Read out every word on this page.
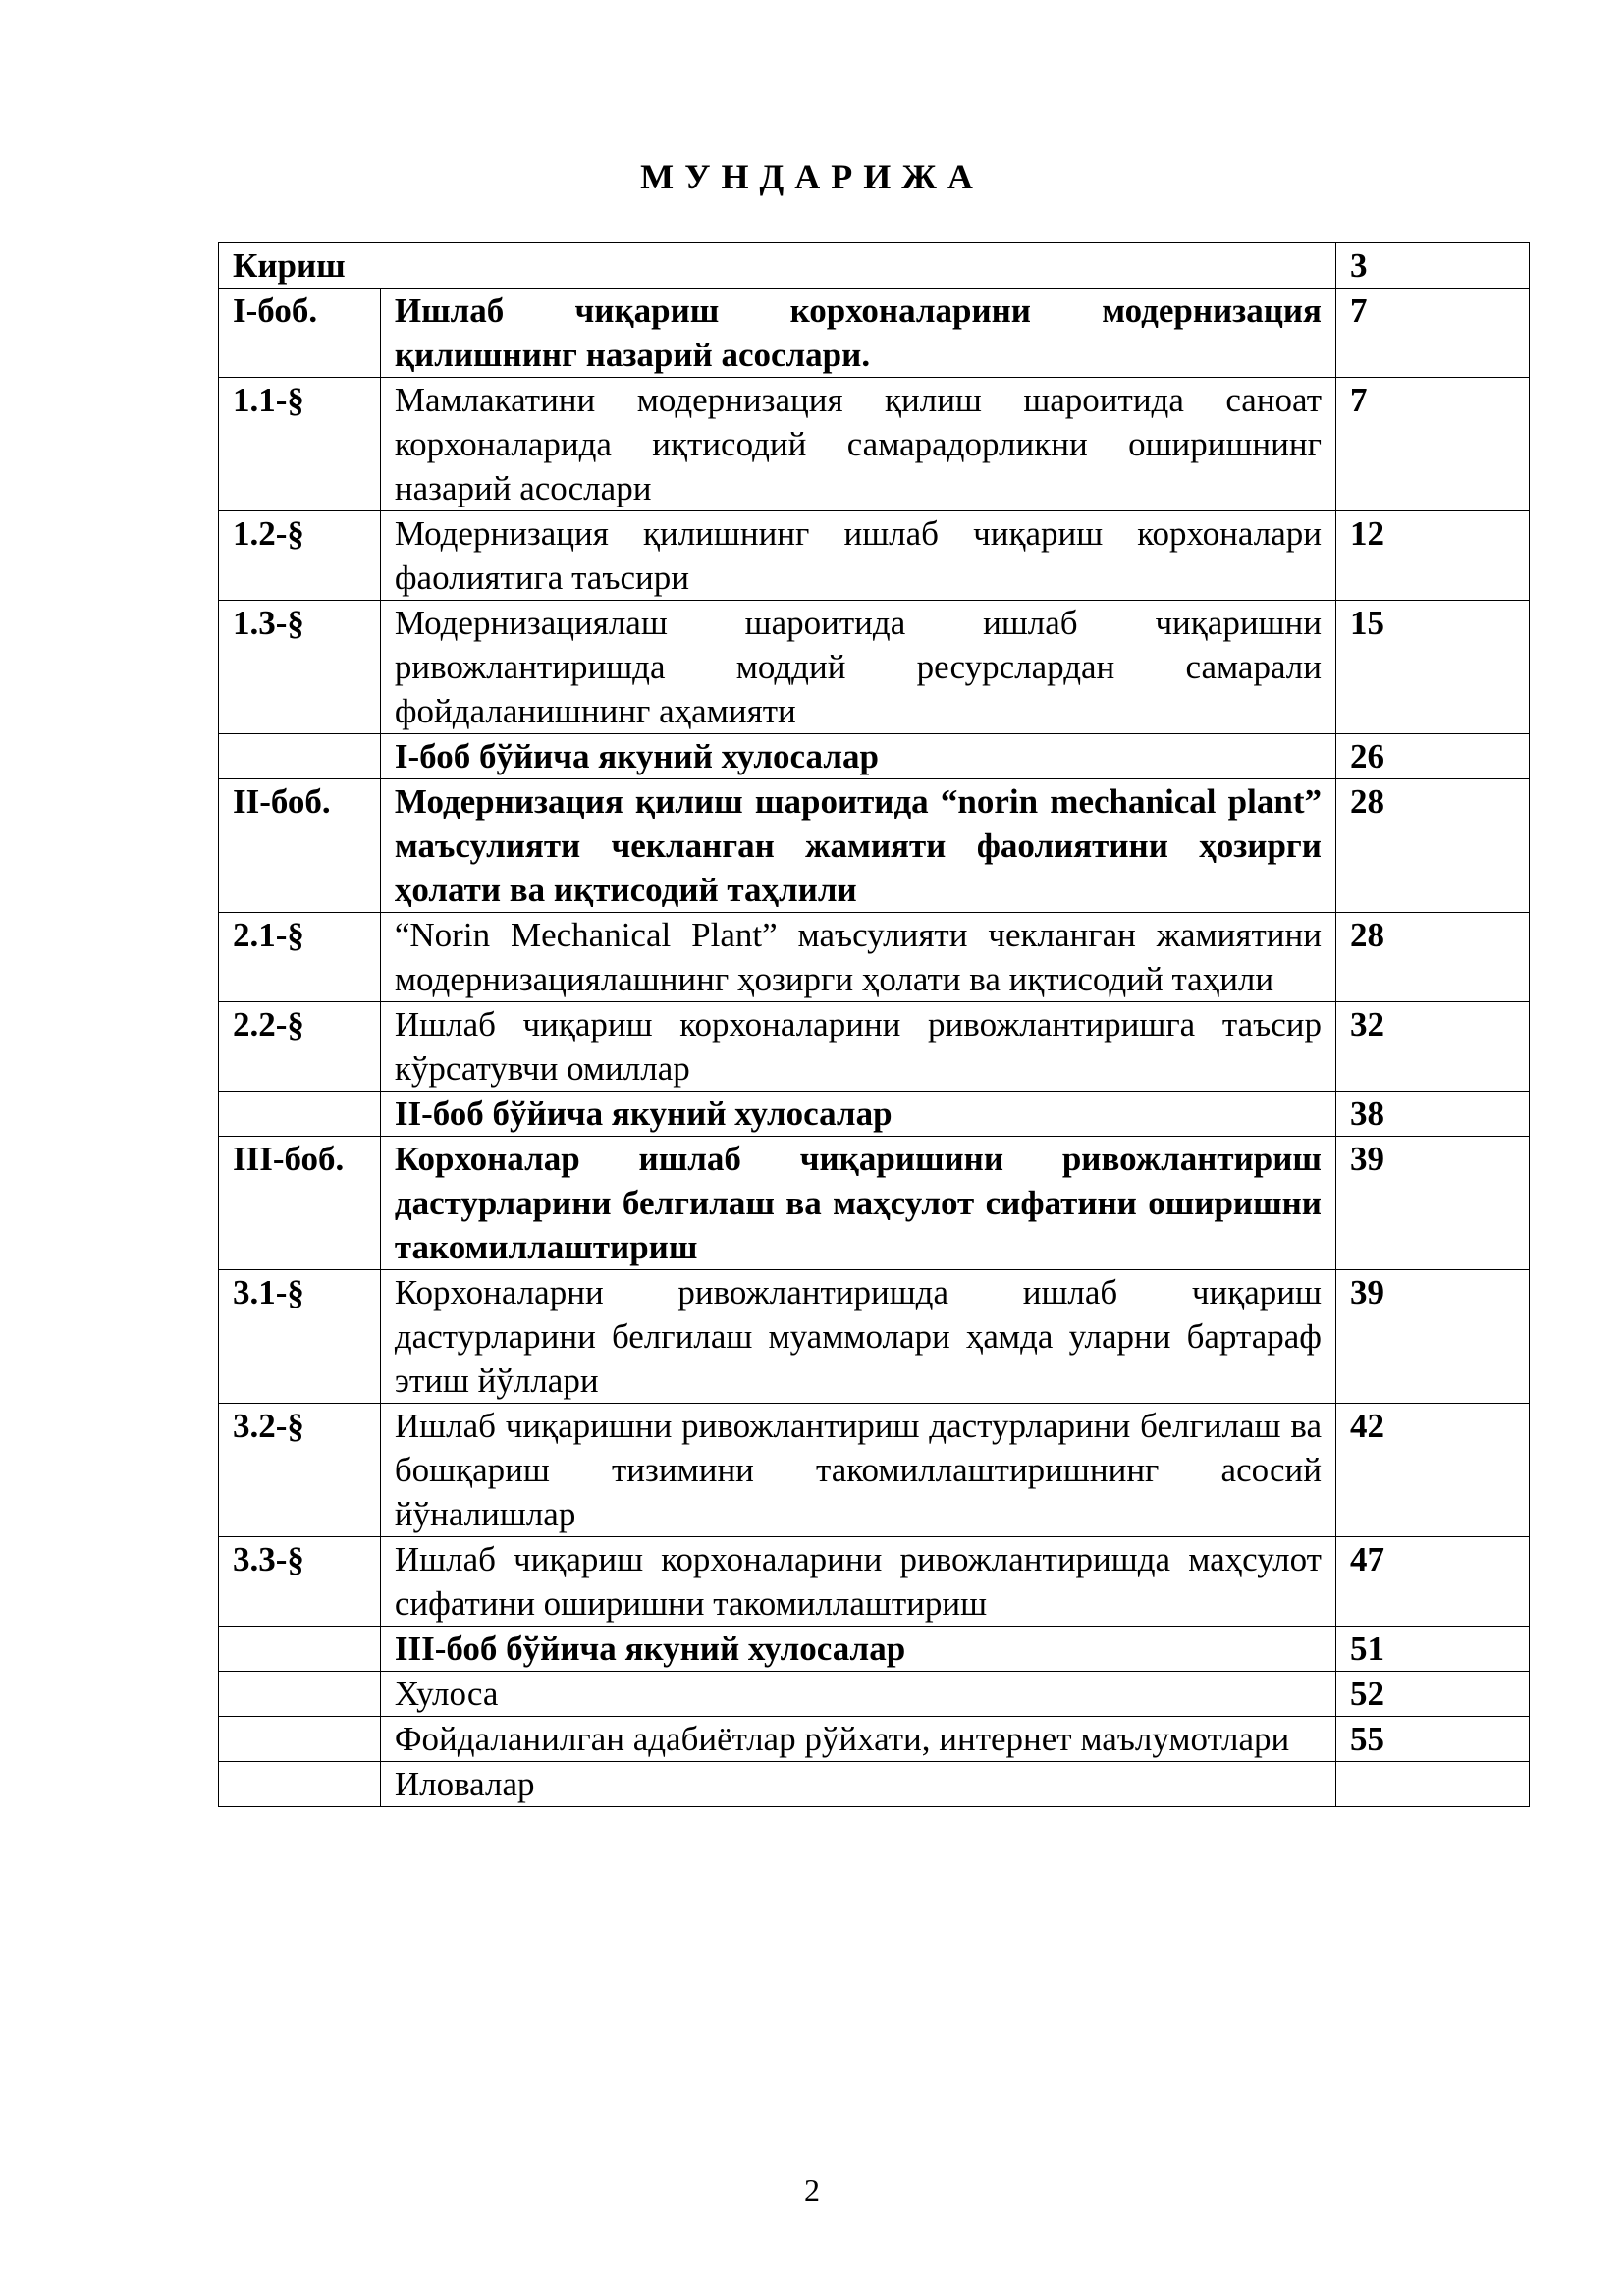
МУНДАРИЖА
Кириш		3
I-боб.	Ишлаб чиқариш корхоналарини модернизация қилишнинг назарий асослари.	7
1.1-§	Мамлакатини модернизация қилиш шароитида саноат корхоналарида иқтисодий самарадорликни оширишнинг назарий асослари	7
1.2-§	Модернизация қилишнинг ишлаб чиқариш корхоналари фаолиятига таъсири	12
1.3-§	Модернизациялаш шароитида ишлаб чиқаришни ривожлантиришда моддий ресурслардан самарали фойдаланишнинг аҳамияти	15
	I-боб бўйича якуний хулосалар	26
II-боб.	Модернизация қилиш шароитида “norin mechanical plant” маъсулияти чекланган жамияти фаолиятини ҳозирги ҳолати ва иқтисодий таҳлили	28
2.1-§	“Norin Mechanical Plant” маъсулияти чекланган жамиятини модернизациялашнинг ҳозирги ҳолати ва иқтисодий таҳили	28
2.2-§	Ишлаб чиқариш корхоналарини ривожлантиришга таъсир кўрсатувчи омиллар	32
	II-боб бўйича якуний хулосалар	38
III-боб.	Корхоналар ишлаб чиқаришини ривожлантириш дастурларини белгилаш ва маҳсулот сифатини оширишни такомиллаштириш	39
3.1-§	Корхоналарни ривожлантиришда ишлаб чиқариш дастурларини белгилаш муаммолари ҳамда уларни бартараф этиш йўллари	39
3.2-§	Ишлаб чиқаришни ривожлантириш дастурларини белгилаш ва бошқариш тизимини такомиллаштиришнинг асосий йўналишлар	42
3.3-§	Ишлаб чиқариш корхоналарини ривожлантиришда маҳсулот сифатини оширишни такомиллаштириш	47
	III-боб бўйича якуний хулосалар	51
	Хулоса	52
	Фойдаланилган адабиётлар рўйхати, интернет маълумотлари	55
	Иловалар	
2
